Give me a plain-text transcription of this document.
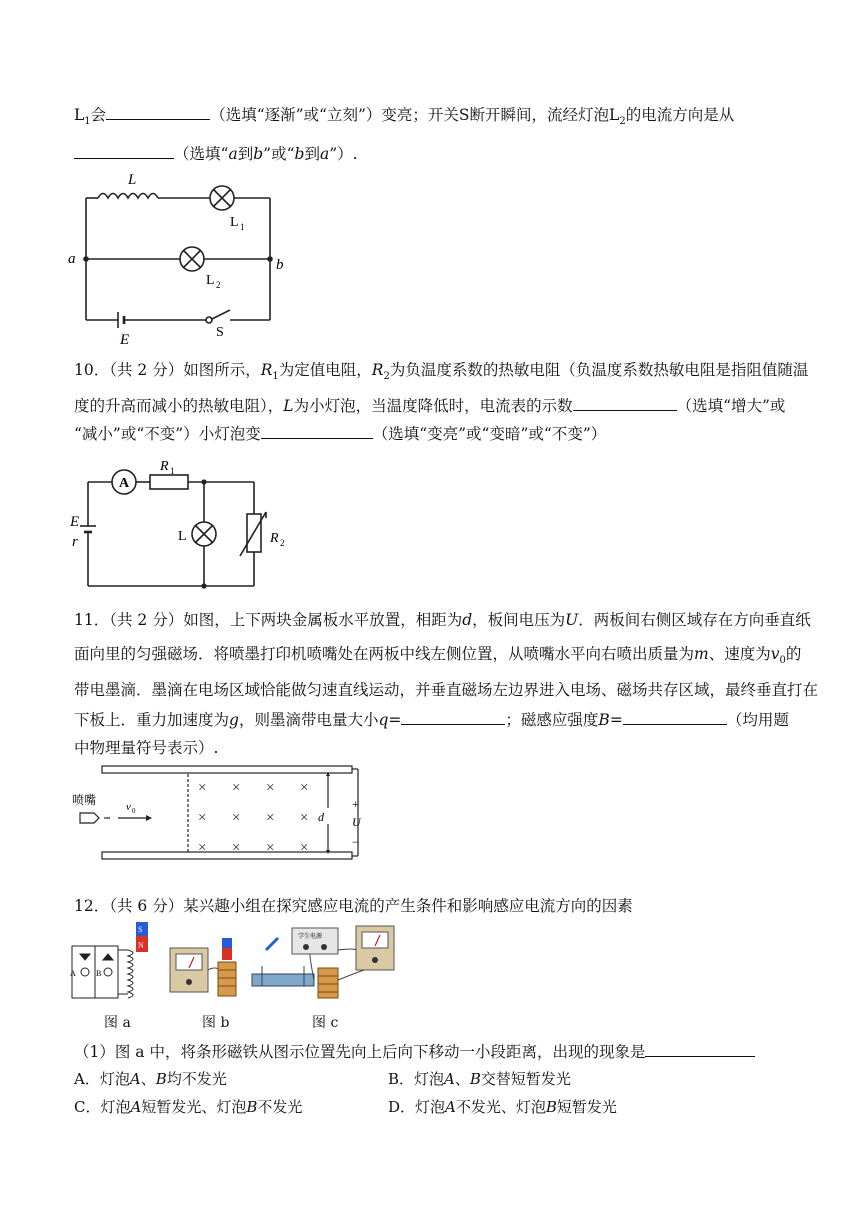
$L_1$会	（选填“逐渐”或“立刻”）变亮；开关S断开瞬间，流经灯泡$L_2$的电流方向是从
（选填“a到b”或“b到a”）.
L
L 1
L 2
a	b
E	S
10．（共 2 分）如图所示，$R_1$为定值电阻，$R_2$为负温度系数的热敏电阻（负温度系数热敏电阻是指阻值随温
度的升高而减小的热敏电阻），L为小灯泡，当温度降低时，电流表的示数	（选填“增大”或
“减小”或“不变”）小灯泡变	（选填“变亮”或“变暗”或“不变”）
A
R 1
R 2
L
E
r
11．（共 2 分）如图，上下两块金属板水平放置，相距为d，板间电压为U．两板间右侧区域存在方向垂直纸
面向里的匀强磁场．将喷墨打印机喷嘴处在两板中线左侧位置，从喷嘴水平向右喷出质量为m、速度为$v_0$的
带电墨滴．墨滴在电场区域恰能做匀速直线运动，并垂直磁场左边界进入电场、磁场共存区域，最终垂直打在
下板上．重力加速度为g，则墨滴带电量大小q=	；磁感应强度B=	（均用题
中物理量符号表示）.
喷嘴	v 0	d
+
U
−
× × × ×
× × × ×
× × × ×
12．（共 6 分）某兴趣小组在探究感应电流的产生条件和影响感应电流方向的因素
S
N
A	B
学生电源
图 a	图 b	图 c
（1）图 a 中，将条形磁铁从图示位置先向上后向下移动一小段距离，出现的现象是
A．灯泡A、B均不发光	B．灯泡A、B交替短暂发光
C．灯泡A短暂发光、灯泡B不发光	D．灯泡A不发光、灯泡B短暂发光
